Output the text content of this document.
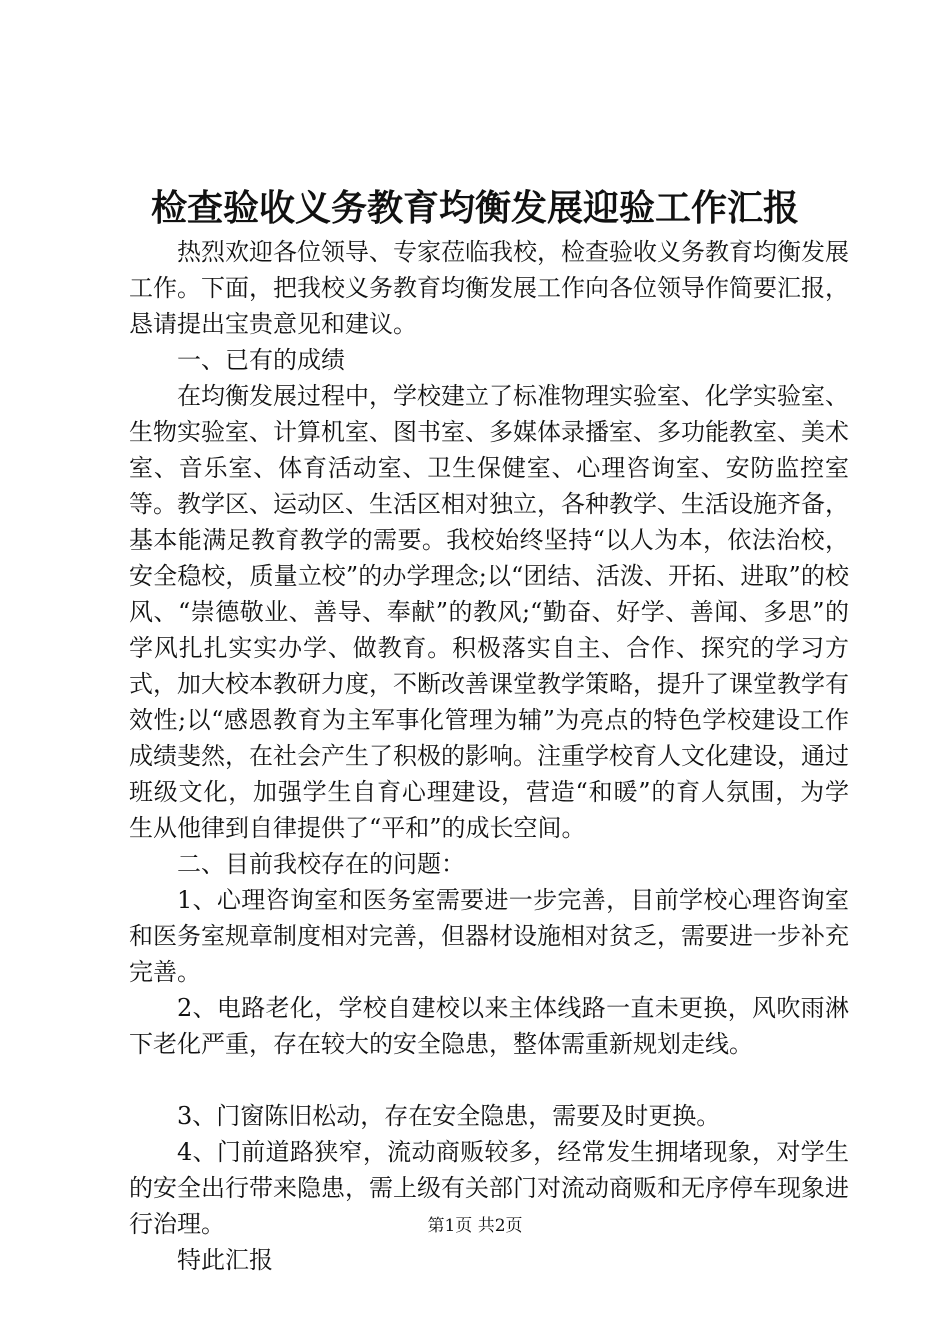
检查验收义务教育均衡发展迎验工作汇报

热烈欢迎各位领导、专家莅临我校，检查验收义务教育均衡发展工作。下面，把我校义务教育均衡发展工作向各位领导作简要汇报，恳请提出宝贵意见和建议。

一、已有的成绩

在均衡发展过程中，学校建立了标准物理实验室、化学实验室、生物实验室、计算机室、图书室、多媒体录播室、多功能教室、美术室、音乐室、体育活动室、卫生保健室、心理咨询室、安防监控室等。教学区、运动区、生活区相对独立，各种教学、生活设施齐备，基本能满足教育教学的需要。我校始终坚持“以人为本，依法治校，安全稳校，质量立校”的办学理念;以“团结、活泼、开拓、进取”的校风、“崇德敬业、善导、奉献”的教风;“勤奋、好学、善闻、多思”的学风扎扎实实办学、做教育。积极落实自主、合作、探究的学习方式，加大校本教研力度，不断改善课堂教学策略，提升了课堂教学有效性;以“感恩教育为主军事化管理为辅”为亮点的特色学校建设工作成绩斐然，在社会产生了积极的影响。注重学校育人文化建设，通过班级文化，加强学生自育心理建设，营造“和暖”的育人氛围，为学生从他律到自律提供了“平和”的成长空间。

二、目前我校存在的问题：

1、心理咨询室和医务室需要进一步完善，目前学校心理咨询室和医务室规章制度相对完善，但器材设施相对贫乏，需要进一步补充完善。

2、电路老化，学校自建校以来主体线路一直未更换，风吹雨淋下老化严重，存在较大的安全隐患，整体需重新规划走线。

3、门窗陈旧松动，存在安全隐患，需要及时更换。

4、门前道路狭窄，流动商贩较多，经常发生拥堵现象，对学生的安全出行带来隐患，需上级有关部门对流动商贩和无序停车现象进行治理。

特此汇报

第1页 共2页
